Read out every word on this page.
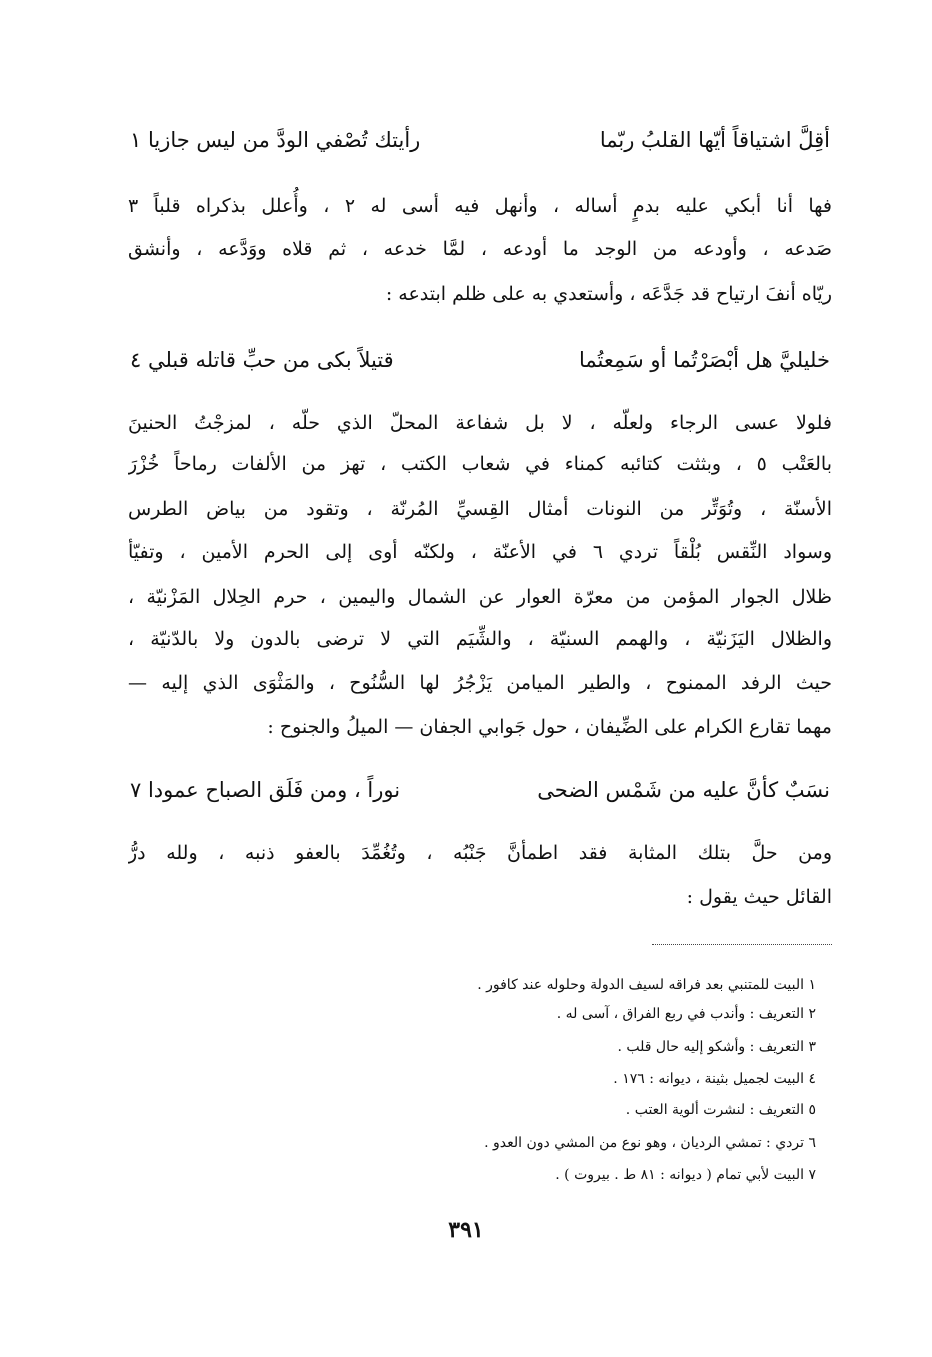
أقِلَّ اشتياقاً أيّها القلبُ ربّما
رأيتك تُصْفي الودَّ من ليس جازيا ١
فها أنا أبكي عليه بدمٍ أساله ، وأنهل فيه أسى له ٢ ، وأُعلل بذكراه قلباً ٣
صَدعه ، وأودعه من الوجد ما أودعه ، لمَّا خدعه ، ثم قلاه ووَدَّعه ، وأنشق
ريّاه أنفَ ارتياح قد جَدَّعَه ، وأستعدي به على ظلم ابتدعه :
خليليَّ هل أبْصَرْتُما أو سَمِعتُما
قتيلاً بكى من حبِّ قاتله قبلي ٤
فلولا عسى الرجاء ولعلّه ، لا بل شفاعة المحلّ الذي حلّه ، لمزجْتُ الحنينَ
بالعَتْب ٥ ، وبثثت كتائبه كمناء في شعاب الكتب ، تهز من الألفات رماحاً خُزْرَ
الأسنّة ، وتُوَتِّر من النونات أمثال القِسيِّ المُرنّة ، وتقود من بياض الطرس
وسواد النِّقس بُلْقاً تردي ٦ في الأعنّة ، ولكنّه أوى إلى الحرم الأمين ، وتفيّأ
ظلال الجوار المؤمن من معرّة العوار عن الشمال واليمين ، حرم الحِلال المَزْنيّة ،
والظلال اليَزَنيّة ، والهمم السنيّة ، والشِّيَم التي لا ترضى بالدون ولا بالدّنيّة ،
حيث الرفد الممنوح ، والطير الميامن يَزْجُرُ لها السُّنُوح ، والمَثْوَى الذي إليه —
مهما تقارع الكرام على الضِّيفان ، حول جَوابي الجفان — الميلُ والجنوح :
نسَبٌ كأنَّ عليه من شَمْس الضحى
نوراً ، ومن فَلَق الصباح عمودا ٧
ومن حلَّ بتلك المثابة فقد اطمأنَّ جَنْبُه ، وتُغُمِّدَ بالعفو ذنبه ، ولله درُّ
القائل حيث يقول :
١ البيت للمتنبي بعد فراقه لسيف الدولة وحلوله عند كافور .
٢ التعريف : وأندب في ربع الفراق ، آسى له .
٣ التعريف : وأشكو إليه حال قلب .
٤ البيت لجميل بثينة ، ديوانه : ١٧٦ .
٥ التعريف : لنشرت ألوية العتب .
٦ تردي : تمشي الرديان ، وهو نوع من المشي دون العدو .
٧ البيت لأبي تمام ( ديوانه : ٨١ ط . بيروت ) .
٣٩١
